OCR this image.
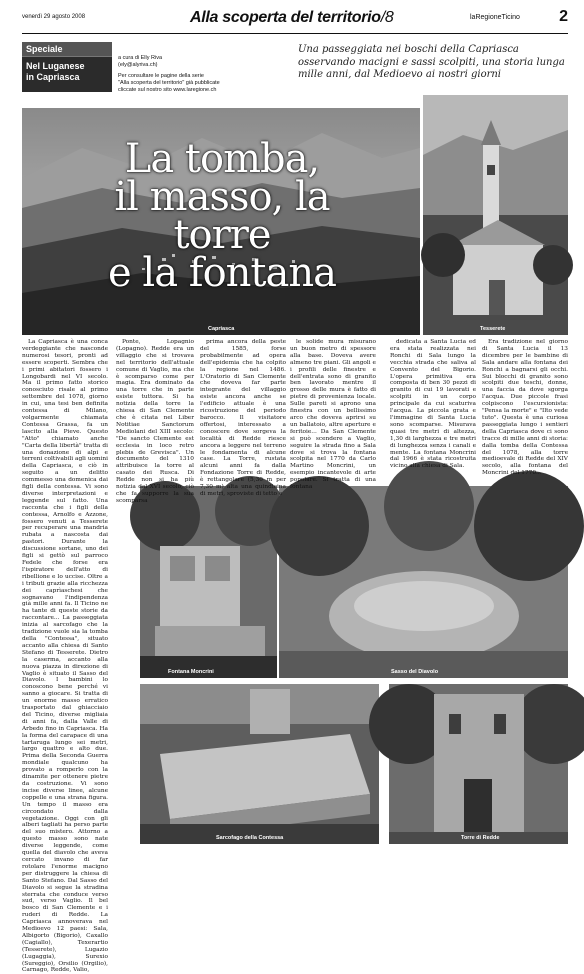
venerdì 29 agosto 2008	Alla scoperta del territorio/8	laRegioneTicino 2
Speciale
Nel Luganese
in Capriasca
a cura di Elly Riva
(ely@alyriva.ch)
Per consultare le pagine della serie
"Alla scoperta del territorio" già pubblicate
cliccate sul nostro sito www.laregione.ch
Una passeggiata nei boschi della Capriasca osservando macigni e sassi scolpiti, una storia lunga mille anni, dal Medioevo ai nostri giorni
Capriasca
La tomba,
il masso, la torre
e la fontana
Tesserete
Fontana Moncrini	Sasso del Diavolo
Sarcofago della Contessa	Torre di Redde

La Capriasca è una conca verdeggiante che nasconde numerosi tesori, pronti ad essere scoperti. Sembra che i primi abitatori fossero i Longobardi nel VI secolo. Ma il primo fatto storico conosciuto risale al primo settembre del 1078, giorno in cui, una tesi ben definita contessa di Milano, volgarmente chiamata Contessa Grassa, fa un lascito alla Pieve. Questo "Atto" chiamato anche "Carta della libertà" tratta di una donazione di alpi e terreni coltivabili agli uomini della Capriasca, e ciò in seguito a un delitto commesso una domenica dai figli della contessa. Vi sono diverse interpretazioni e leggende sul fatto. Una racconta che i figli della contessa, Arnolfo e Azzone, fossero venuti a Tesserete per recuperare una mandria rubata a nascosta dai pastori. Durante la discussione sortane, uno dei figli si gettò sul parroco Fedele che forse era l'ispiratore dell'atto di ribellione e lo uccise. Oltre a i tributi grazie alla ricchezza dei caprìaschesi che sognavano l'indipendenza già mille anni fa. Il Ticino ne ha tante di queste storie da raccontare... La passeggiata inizia al sarcofago che la tradizione vuole sia la tomba della "Contessa", situato accanto alla chiesa di Santo Stefano di Tesserete. Dietro la caserma, accanto alla nuova piazza in direzione di Vaglio è situato il Sasso del Diavolo. I bambini lo conoscono bene perché vi sanno a giocare. Si tratta di un enorme masso erratico trasportato dal ghiacciaio del Ticino, diverse migliaia di anni fa, dalla Valle di Arbedo fino in Capriasca. Ha la forma del carapace di una tartaruga lungo sei metri, largo quattro e alto due. Prima della Seconda Guerra mondiale qualcuno ha provato a romperlo con la dinamite per ottenere pietre da costruzione. Vi sono incise diverse linee, alcune coppelle e una strana figura. Un tempo il masso era circondato dalla vegetazione. Oggi con gli alberi tagliati ha perso parte del suo mistero. Attorno a questo masso sono nate diverse leggende, come quella del diavolo che aveva cercato invano di far rotolare l'enorme macigno per distruggere la chiesa di Santo Stefano. Dal Sasso del Diavolo si segue la stradina sterrata che conduce verso sud, verso Vaglio. Il bel bosco di San Clemente e i ruderi di Redde. La Capriasca annoverava nel Medioevo 12 paesi: Sala, Albigorto (Bigorio), Caxallo (Cagiallo), Texerartio (Tesserete), Lugazio (Lugaggia), Surexio (Sureggio), Orsilio (Orgilio), Carnago, Redde, Valio,

Ponte, Lopagnio (Lopagno). Redde era un villaggio che si trovava nel territorio dell'attuale comune di Vaglio, ma che è scomparso come per magia. Era dominato da una torre che in parte esiste tuttora. Si ha notizia della torre la chiesa di San Clemente che è citata nel Liber Notitiae Sanctorum Mediolani del XIII secolo: "De sancto Clemente est ecclesia in loco retro plebis de Grevisca". Un documento del 1310 attribuisce la torre al casato dei Rusca. Di Redde non si ha più notizia dal XVI secolo, ciò che fa supporre la sua scomparsa

prima ancora della peste del 1585, forse probabilmente ad opera dell'epidemia che ha colpito la regione nel 1486. L'Oratorio di San Clemente che doveva far parte integrante del villaggio esiste ancora anche se l'edificio attuale è una ricostruzione del periodo barocco. Il visitatore offertosi, interessato a conoscere dove sorgeva la località di Redde riesce ancora a leggere nel terreno le fondamenta di alcune case. La Torre, rustata alcuni anni fa dalla Fondazione Torre di Redde, è rettangolare (5,30 m per 7,30 m) alta una quindicina di metri, sproviste di tetto e

le solide mura misurano un buon metro di spessore alla base. Doveva avere almeno tre piani. Gli angoli e i profili delle finestre e dell'entrata sono di granito ben lavorato mentre il grosso delle mura è fatto di pietre di provenienza locale. Sulle pareti si aprono una finestra con un bellissimo arco che doveva aprirsi su un ballatoio, altre aperture e feritoie... Da San Clemente si può scendere a Vaglio, seguire la strada fino a Sala dove si trova la fontana scolpita nel 1770 da Carlo Martino Moncrini, un esempio incantevole di arte popolare. Si tratta di una fontana

dedicata a Santa Lucia ed era stata realizzata nei Ronchi di Sala lungo la vecchia strada che saliva al Convento del Bigorio. L'opera primitiva era composta di ben 30 pezzi di granito di cui 19 lavorati e scolpiti in un corpo principale da cui scaturiva l'acqua. La piccola grata e l'immagine di Santa Lucia sono scomparse. Misurava quasi tre metri di altezza, 1,30 di larghezza e tre metri di lunghezza senza i canali e mente. La fontana Moncrini dal 1966 è stata ricostruita vicino alla chiesa di Sala.

Era tradizione nel giorno di Santa Lucia il 13 dicembre per le bambine di Sala andare alla fontana dei Ronchi a bagnarsi gli occhi. Sui blocchi di granito sono scolpiti due teschi, donne, una faccia da dove sgorga l'acqua. Due piccole frasi colpiscono l'escursionista: "Pensa la morte" e "Ilto vede tuto". Questa è una curiosa passeggiata lungo i sentieri della Capriasca dove ci sono tracce di mille anni di storia: dalla tomba della Contessa del 1078, alla torre medioevale di Redde del XIV secolo, alla fontana del Moncrini del 1770...
